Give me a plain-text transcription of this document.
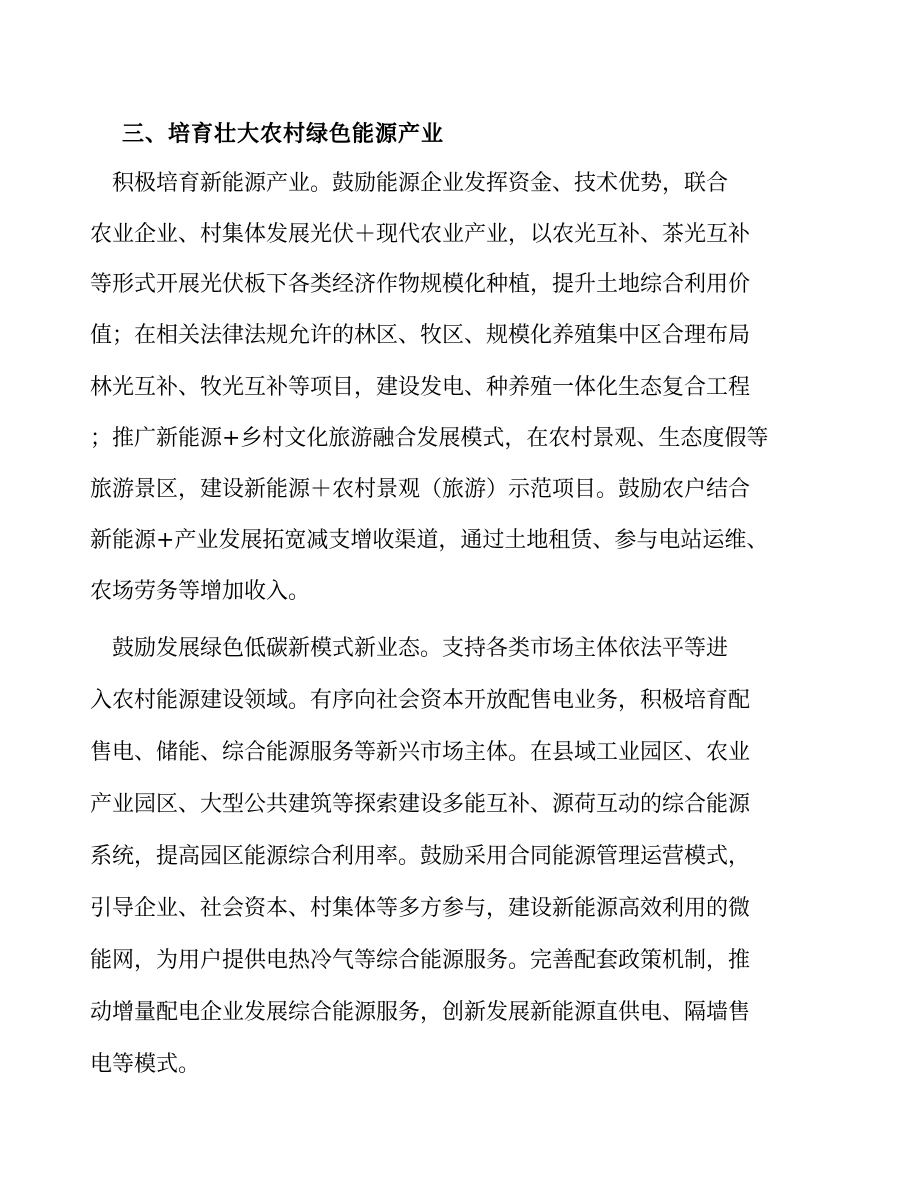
三、培育壮大农村绿色能源产业
　积极培育新能源产业。鼓励能源企业发挥资金、技术优势，联合
农业企业、村集体发展光伏＋现代农业产业，以农光互补、茶光互补
等形式开展光伏板下各类经济作物规模化种植，提升土地综合利用价
值；在相关法律法规允许的林区、牧区、规模化养殖集中区合理布局
林光互补、牧光互补等项目，建设发电、种养殖一体化生态复合工程
；推广新能源+乡村文化旅游融合发展模式，在农村景观、生态度假等
旅游景区，建设新能源＋农村景观（旅游）示范项目。鼓励农户结合
新能源+产业发展拓宽减支增收渠道，通过土地租赁、参与电站运维、
农场劳务等增加收入。
　鼓励发展绿色低碳新模式新业态。支持各类市场主体依法平等进
入农村能源建设领域。有序向社会资本开放配售电业务，积极培育配
售电、储能、综合能源服务等新兴市场主体。在县域工业园区、农业
产业园区、大型公共建筑等探索建设多能互补、源荷互动的综合能源
系统，提高园区能源综合利用率。鼓励采用合同能源管理运营模式，
引导企业、社会资本、村集体等多方参与，建设新能源高效利用的微
能网，为用户提供电热冷气等综合能源服务。完善配套政策机制，推
动增量配电企业发展综合能源服务，创新发展新能源直供电、隔墙售
电等模式。
